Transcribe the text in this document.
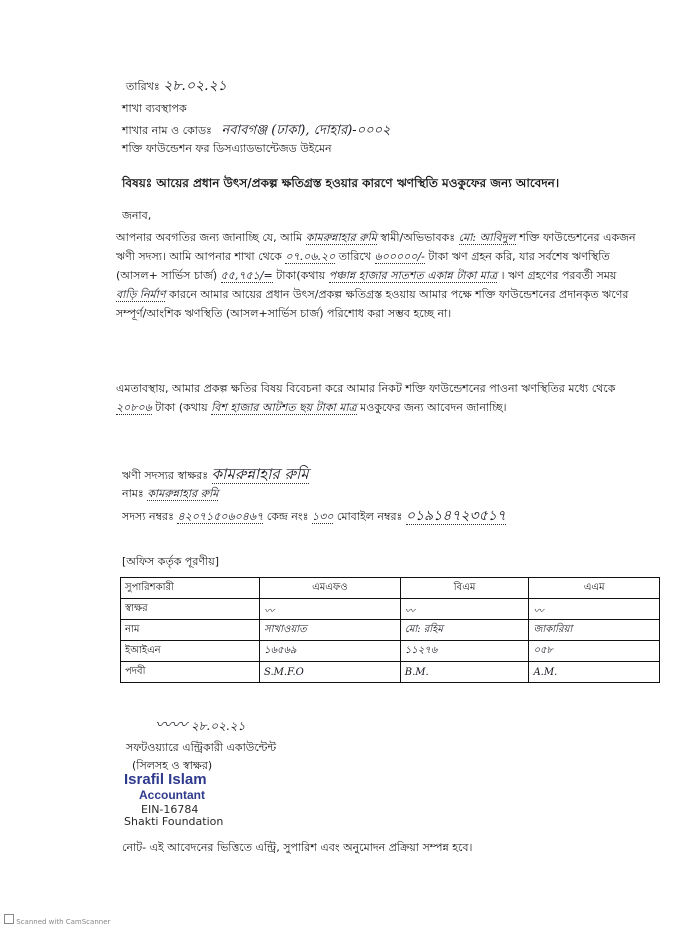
তারিখঃ ২৮.০২.২১
শাখা ব্যবস্থাপক
শাখার নাম ও কোডঃ নবাবগঞ্জ (ঢাকা), দোহার)-০০০২
শক্তি ফাউন্ডেশন ফর ডিসএ্যাডভান্টেজড উইমেন
বিষয়ঃ আয়ের প্রধান উৎস/প্রকল্প ক্ষতিগ্রস্ত হওয়ার কারণে ঋণস্থিতি মওকুফের জন্য আবেদন।
জনাব,
আপনার অবগতির জন্য জানাচ্ছি যে, আমি কামরুন্নাহার রুমি স্বামী/অভিভাবকঃ মো: আবিদুল শক্তি ফাউন্ডেশনের একজন ঋণী সদস্য। আমি আপনার শাখা থেকে ০৭.০৬.২০ তারিখে ৬০০০০০/- টাকা ঋণ গ্রহন করি, যার সর্বশেষ ঋণস্থিতি (আসল+ সার্ভিস চার্জ) ৫৫,৭৫১/= টাকা(কথায় পঞ্চান্ন হাজার সাতশত একান্ন টাকা মাত্র । ঋণ গ্রহণের পরবর্তী সময় বাড়ি নির্মাণ কারনে আমার আয়ের প্রধান উৎস/প্রকল্প ক্ষতিগ্রস্ত হওয়ায় আমার পক্ষে শক্তি ফাউন্ডেশনের প্রদানকৃত ঋণের সম্পূর্ণ/আংশিক ঋণস্থিতি (আসল+সার্ভিস চার্জ) পরিশোধ করা সম্ভব হচ্ছে না।
এমতাবস্থায়, আমার প্রকল্প ক্ষতির বিষয় বিবেচনা করে আমার নিকট শক্তি ফাউন্ডেশনের পাওনা ঋণস্থিতির মধ্যে থেকে ২০৮০৬ টাকা (কথায় বিশ হাজার আটশত ছয় টাকা মাত্র মওকুফের জন্য আবেদন জানাচ্ছি।
ঋণী সদস্যর স্বাক্ষরঃ কামরুন্নাহার রুমি
নামঃ কামরুন্নাহার রুমি
সদস্য নম্বরঃ ৪২০৭১৫০৬০৪৬৭ কেন্দ্র নংঃ ১৩০ মোবাইল নম্বরঃ ০১৯১৪৭২৩৫১৭
[অফিস কর্তৃক পূরণীয়]
সুপারিশকারী	এমএফও	বিএম	এএম
স্বাক্ষর	〰	〰	〰
নাম	সাখাওয়াত	মো: রহিম	জাকারিয়া
ইআইএন	১৬৫৬৯	১১২৭৬	০৫৮
পদবী	S.M.F.O	B.M.	A.M.
〰〰 ২৮.০২.২১
সফটওয়্যারে এন্ট্রিকারী একাউন্টেন্ট
(সিলসহ ও স্বাক্ষর)
Israfil Islam
Accountant
EIN-16784
Shakti Foundation
নোট- এই আবেদনের ভিত্তিতে এন্ট্রি, সুপারিশ এবং অনুমোদন প্রক্রিয়া সম্পন্ন হবে।
Scanned with CamScanner
